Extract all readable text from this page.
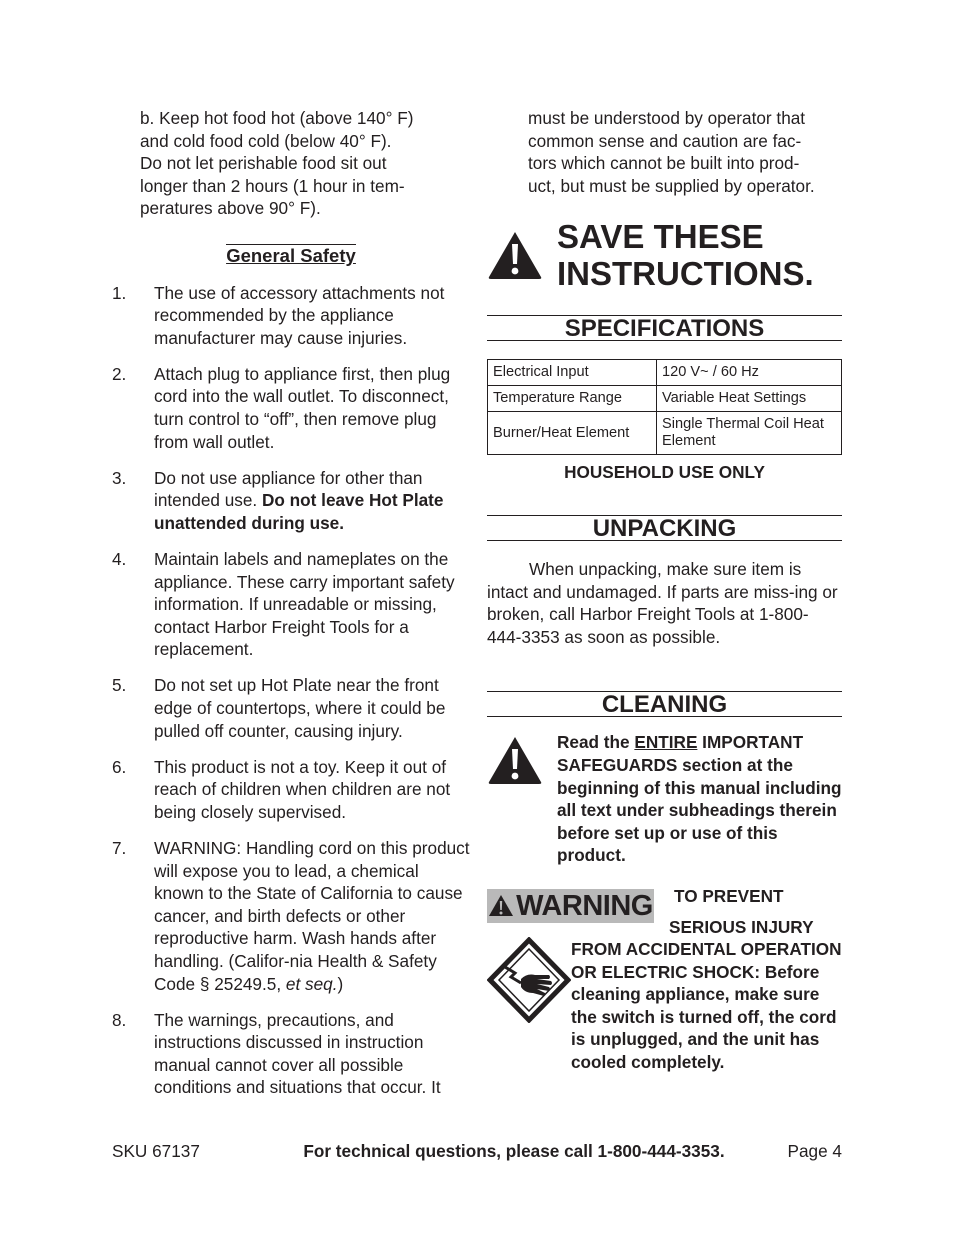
b. Keep hot food hot (above 140° F)

and cold food cold (below 40° F).

Do not let perishable food sit out

longer than 2 hours (1 hour in tem-

peratures above 90° F).

General Safety
1.	The use of accessory attachments not recommended by the appliance manufacturer may cause injuries.
2.	Attach plug to appliance first, then plug cord into the wall outlet. To disconnect, turn control to “off”, then remove plug from wall outlet.
3.	Do not use appliance for other than intended use. Do not leave Hot Plate unattended during use.
4.	Maintain labels and nameplates on the appliance. These carry important safety information. If unreadable or missing, contact Harbor Freight Tools for a replacement.
5.	Do not set up Hot Plate near the front edge of countertops, where it could be pulled off counter, causing injury.
6.	This product is not a toy. Keep it out of reach of children when children are not being closely supervised.
7.	WARNING: Handling cord on this product will expose you to lead, a chemical known to the State of California to cause cancer, and birth defects or other reproductive harm. Wash hands after handling. (Califor-nia Health & Safety Code § 25249.5, et seq.)
8.	The warnings, precautions, and instructions discussed in instruction manual cannot cover all possible conditions and situations that occur. It

must be understood by operator that

common sense and caution are fac-

tors which cannot be built into prod-

uct, but must be supplied by operator.

SAVE THESE
INSTRUCTIONS.
SPECIFICATIONS
Electrical Input	120 V~ / 60 Hz
Temperature Range	Variable Heat Settings
Burner/Heat Element	Single Thermal Coil Heat Element
HOUSEHOLD USE ONLY
UNPACKING

When unpacking, make sure item is intact and undamaged. If parts are miss-ing or broken, call Harbor Freight Tools at 1-800-444-3353 as soon as possible.

CLEANING
Read the ENTIRE IMPORTANT SAFEGUARDS section at the beginning of this manual including all text under subheadings therein before set up or use of this product.
WARNING	TO PREVENT
SERIOUS INJURY
FROM ACCIDENTAL OPERATION OR ELECTRIC SHOCK: Before cleaning appliance, make sure the switch is turned off, the cord is unplugged, and the unit has cooled completely.
SKU 67137	For technical questions, please call 1-800-444-3353.	Page 4
